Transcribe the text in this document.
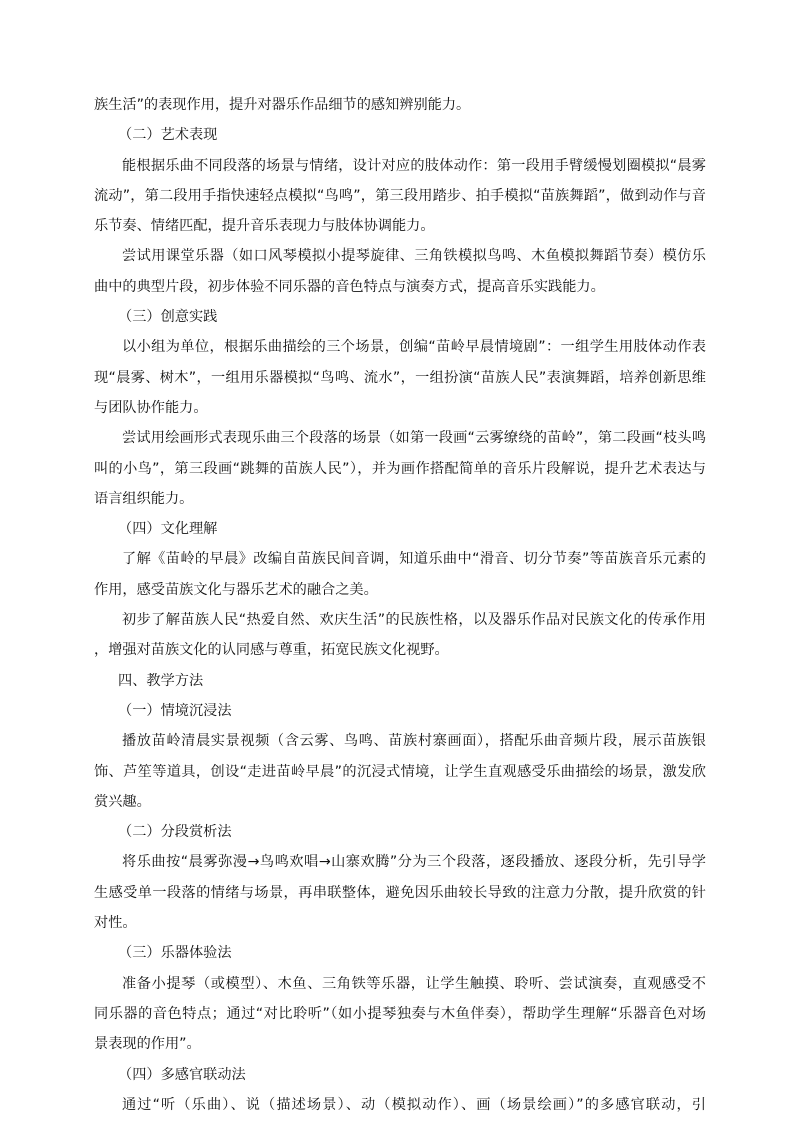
族生活”的表现作用，提升对器乐作品细节的感知辨别能力。
（二）艺术表现
能根据乐曲不同段落的场景与情绪，设计对应的肢体动作：第一段用手臂缓慢划圈模拟“晨雾
流动”，第二段用手指快速轻点模拟“鸟鸣”，第三段用踏步、拍手模拟“苗族舞蹈”，做到动作与音
乐节奏、情绪匹配，提升音乐表现力与肢体协调能力。
尝试用课堂乐器（如口风琴模拟小提琴旋律、三角铁模拟鸟鸣、木鱼模拟舞蹈节奏）模仿乐
曲中的典型片段，初步体验不同乐器的音色特点与演奏方式，提高音乐实践能力。
（三）创意实践
以小组为单位，根据乐曲描绘的三个场景，创编“苗岭早晨情境剧”：一组学生用肢体动作表
现“晨雾、树木”，一组用乐器模拟“鸟鸣、流水”，一组扮演“苗族人民”表演舞蹈，培养创新思维
与团队协作能力。
尝试用绘画形式表现乐曲三个段落的场景（如第一段画“云雾缭绕的苗岭”，第二段画“枝头鸣
叫的小鸟”，第三段画“跳舞的苗族人民”），并为画作搭配简单的音乐片段解说，提升艺术表达与
语言组织能力。
（四）文化理解
了解《苗岭的早晨》改编自苗族民间音调，知道乐曲中“滑音、切分节奏”等苗族音乐元素的
作用，感受苗族文化与器乐艺术的融合之美。
初步了解苗族人民“热爱自然、欢庆生活”的民族性格，以及器乐作品对民族文化的传承作用
，增强对苗族文化的认同感与尊重，拓宽民族文化视野。
四、教学方法
（一）情境沉浸法
播放苗岭清晨实景视频（含云雾、鸟鸣、苗族村寨画面），搭配乐曲音频片段，展示苗族银
饰、芦笙等道具，创设“走进苗岭早晨”的沉浸式情境，让学生直观感受乐曲描绘的场景，激发欣
赏兴趣。
（二）分段赏析法
将乐曲按“晨雾弥漫→鸟鸣欢唱→山寨欢腾”分为三个段落，逐段播放、逐段分析，先引导学
生感受单一段落的情绪与场景，再串联整体，避免因乐曲较长导致的注意力分散，提升欣赏的针
对性。
（三）乐器体验法
准备小提琴（或模型）、木鱼、三角铁等乐器，让学生触摸、聆听、尝试演奏，直观感受不
同乐器的音色特点；通过“对比聆听”（如小提琴独奏与木鱼伴奏），帮助学生理解“乐器音色对场
景表现的作用”。
（四）多感官联动法
通过“听（乐曲）、说（描述场景）、动（模拟动作）、画（场景绘画）”的多感官联动，引
